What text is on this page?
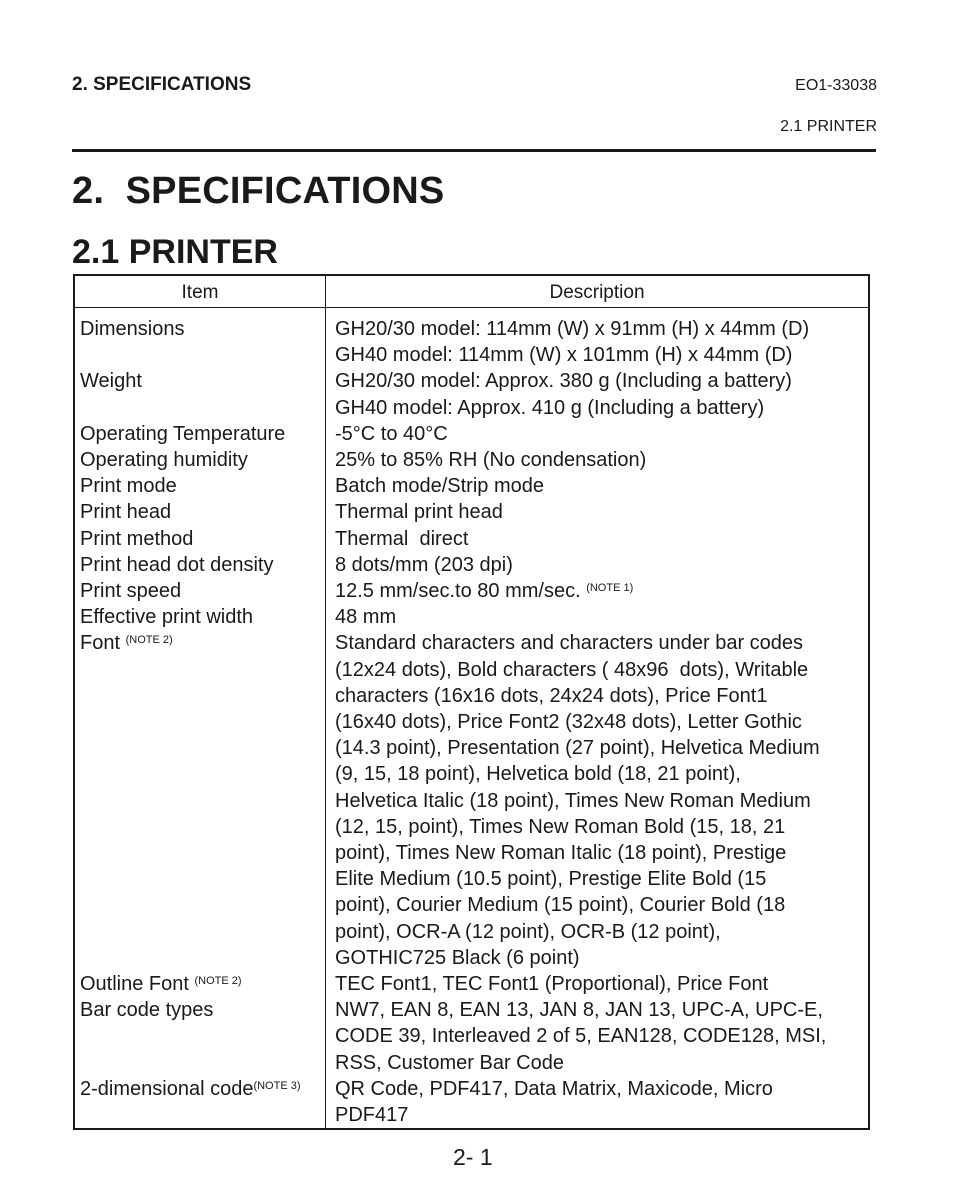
2. SPECIFICATIONS	EO1-33038
2.1 PRINTER
2.  SPECIFICATIONS
2.1 PRINTER
Item	Description
Dimensions
Weight
Operating Temperature
Operating humidity
Print mode
Print head
Print method
Print head dot density
Print speed
Effective print width
Font $^{(NOTE 2)}$
Outline Font $^{(NOTE 2)}$
Bar code types
2-dimensional code$^{(NOTE 3)}$
GH20/30 model: 114mm (W) x 91mm (H) x 44mm (D)
GH40 model: 114mm (W) x 101mm (H) x 44mm (D)
GH20/30 model: Approx. 380 g (Including a battery)
GH40 model: Approx. 410 g (Including a battery)
-5°C to 40°C
25% to 85% RH (No condensation)
Batch mode/Strip mode
Thermal print head
Thermal  direct
8 dots/mm (203 dpi)
12.5 mm/sec.to 80 mm/sec. $^{(NOTE 1)}$
48 mm
Standard characters and characters under bar codes
(12x24 dots), Bold characters ( 48x96  dots), Writable
characters (16x16 dots, 24x24 dots), Price Font1
(16x40 dots), Price Font2 (32x48 dots), Letter Gothic
(14.3 point), Presentation (27 point), Helvetica Medium
(9, 15, 18 point), Helvetica bold (18, 21 point),
Helvetica Italic (18 point), Times New Roman Medium
(12, 15, point), Times New Roman Bold (15, 18, 21
point), Times New Roman Italic (18 point), Prestige
Elite Medium (10.5 point), Prestige Elite Bold (15
point), Courier Medium (15 point), Courier Bold (18
point), OCR-A (12 point), OCR-B (12 point),
GOTHIC725 Black (6 point)
TEC Font1, TEC Font1 (Proportional), Price Font
NW7, EAN 8, EAN 13, JAN 8, JAN 13, UPC-A, UPC-E,
CODE 39, Interleaved 2 of 5, EAN128, CODE128, MSI,
RSS, Customer Bar Code
QR Code, PDF417, Data Matrix, Maxicode, Micro
PDF417
2- 1
